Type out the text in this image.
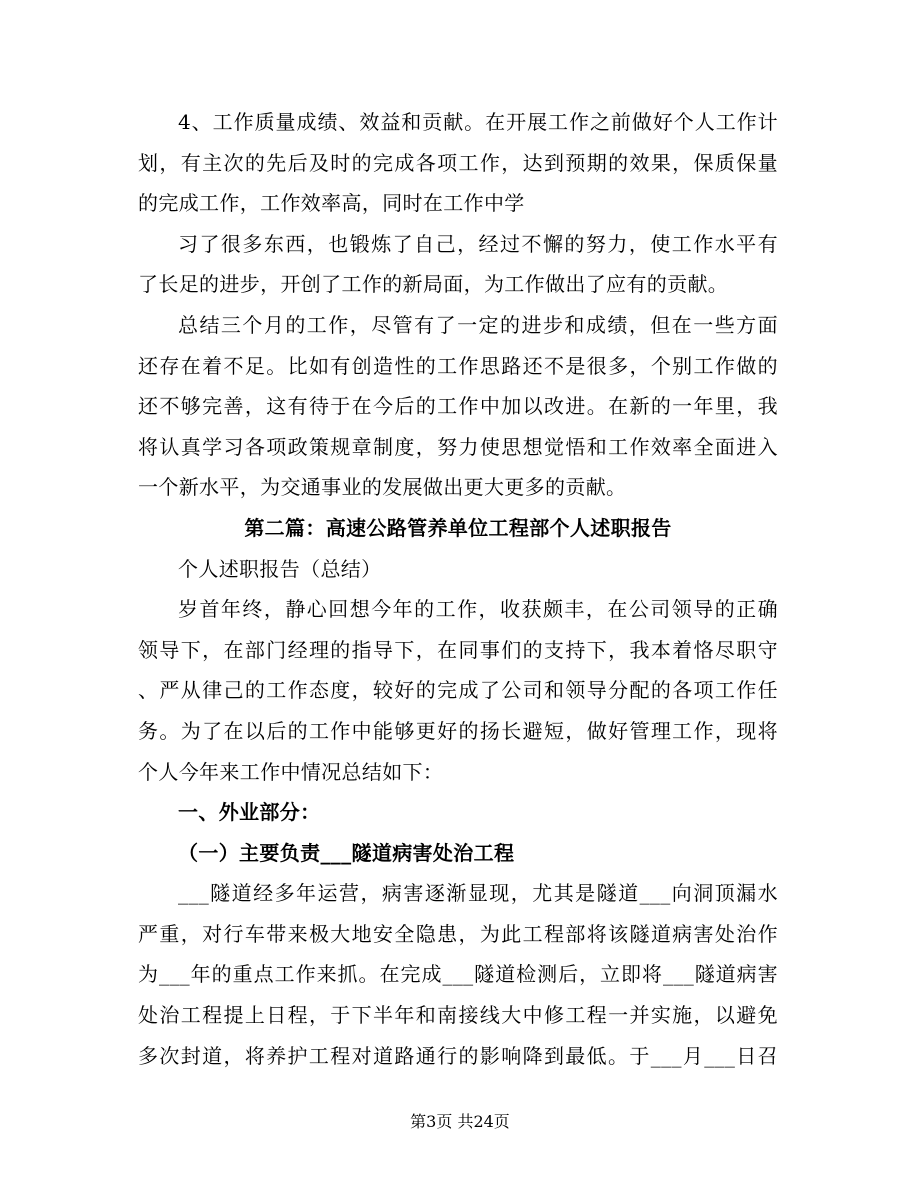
4、工作质量成绩、效益和贡献。在开展工作之前做好个人工作计
划，有主次的先后及时的完成各项工作，达到预期的效果，保质保量
的完成工作，工作效率高，同时在工作中学
习了很多东西，也锻炼了自己，经过不懈的努力，使工作水平有
了长足的进步，开创了工作的新局面，为工作做出了应有的贡献。
总结三个月的工作，尽管有了一定的进步和成绩，但在一些方面
还存在着不足。比如有创造性的工作思路还不是很多，个别工作做的
还不够完善，这有待于在今后的工作中加以改进。在新的一年里，我
将认真学习各项政策规章制度，努力使思想觉悟和工作效率全面进入
一个新水平，为交通事业的发展做出更大更多的贡献。
第二篇：高速公路管养单位工程部个人述职报告
个人述职报告（总结）
岁首年终，静心回想今年的工作，收获颇丰，在公司领导的正确
领导下，在部门经理的指导下，在同事们的支持下，我本着恪尽职守
、严从律己的工作态度，较好的完成了公司和领导分配的各项工作任
务。为了在以后的工作中能够更好的扬长避短，做好管理工作，现将
个人今年来工作中情况总结如下：
一、外业部分：
（一）主要负责___隧道病害处治工程
___隧道经多年运营，病害逐渐显现，尤其是隧道___向洞顶漏水
严重，对行车带来极大地安全隐患，为此工程部将该隧道病害处治作
为___年的重点工作来抓。在完成___隧道检测后，立即将___隧道病害
处治工程提上日程，于下半年和南接线大中修工程一并实施，以避免
多次封道，将养护工程对道路通行的影响降到最低。于___月___日召
第3页 共24页
